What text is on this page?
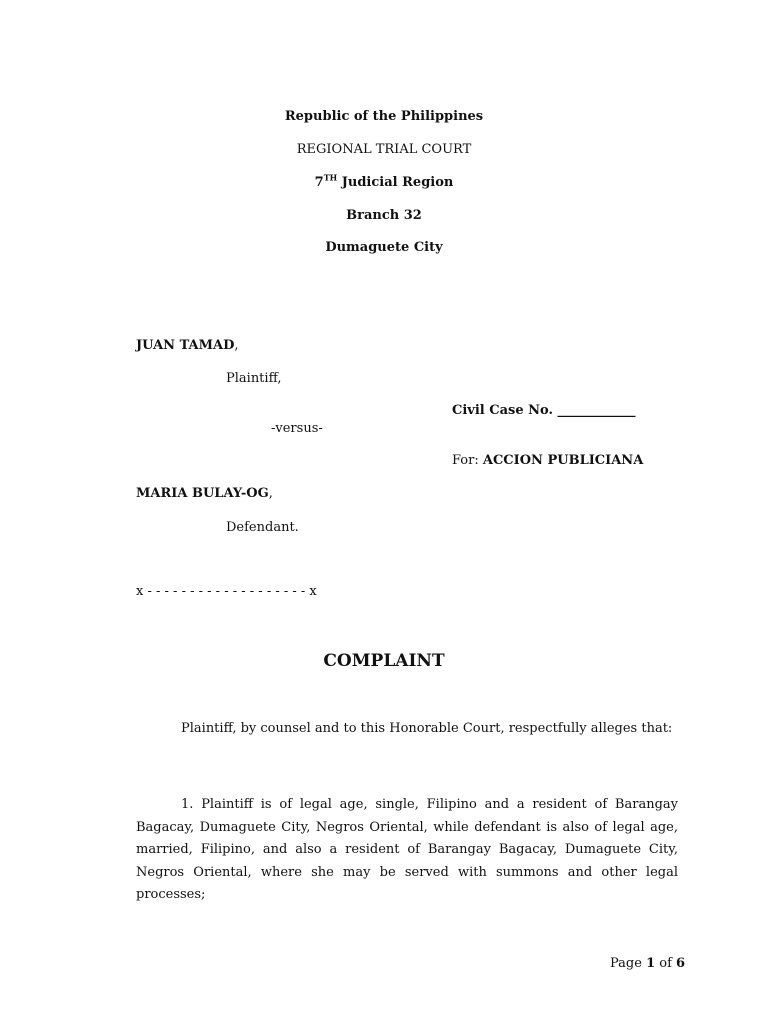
Republic of the Philippines
REGIONAL TRIAL COURT
7TH Judicial Region
Branch 32
Dumaguete City
JUAN TAMAD,
Plaintiff,
Civil Case No. ____________
-versus-
For: ACCION PUBLICIANA
MARIA BULAY-OG,
Defendant.
x - - - - - - - - - - - - - - - - - - - x
COMPLAINT
Plaintiff, by counsel and to this Honorable Court, respectfully alleges that:

1. Plaintiff is of legal age, single, Filipino and a resident of Barangay Bagacay, Dumaguete City, Negros Oriental, while defendant is also of legal age, married, Filipino, and also a resident of Barangay Bagacay, Dumaguete City, Negros Oriental, where she may be served with summons and other legal processes;

Page 1 of 6
